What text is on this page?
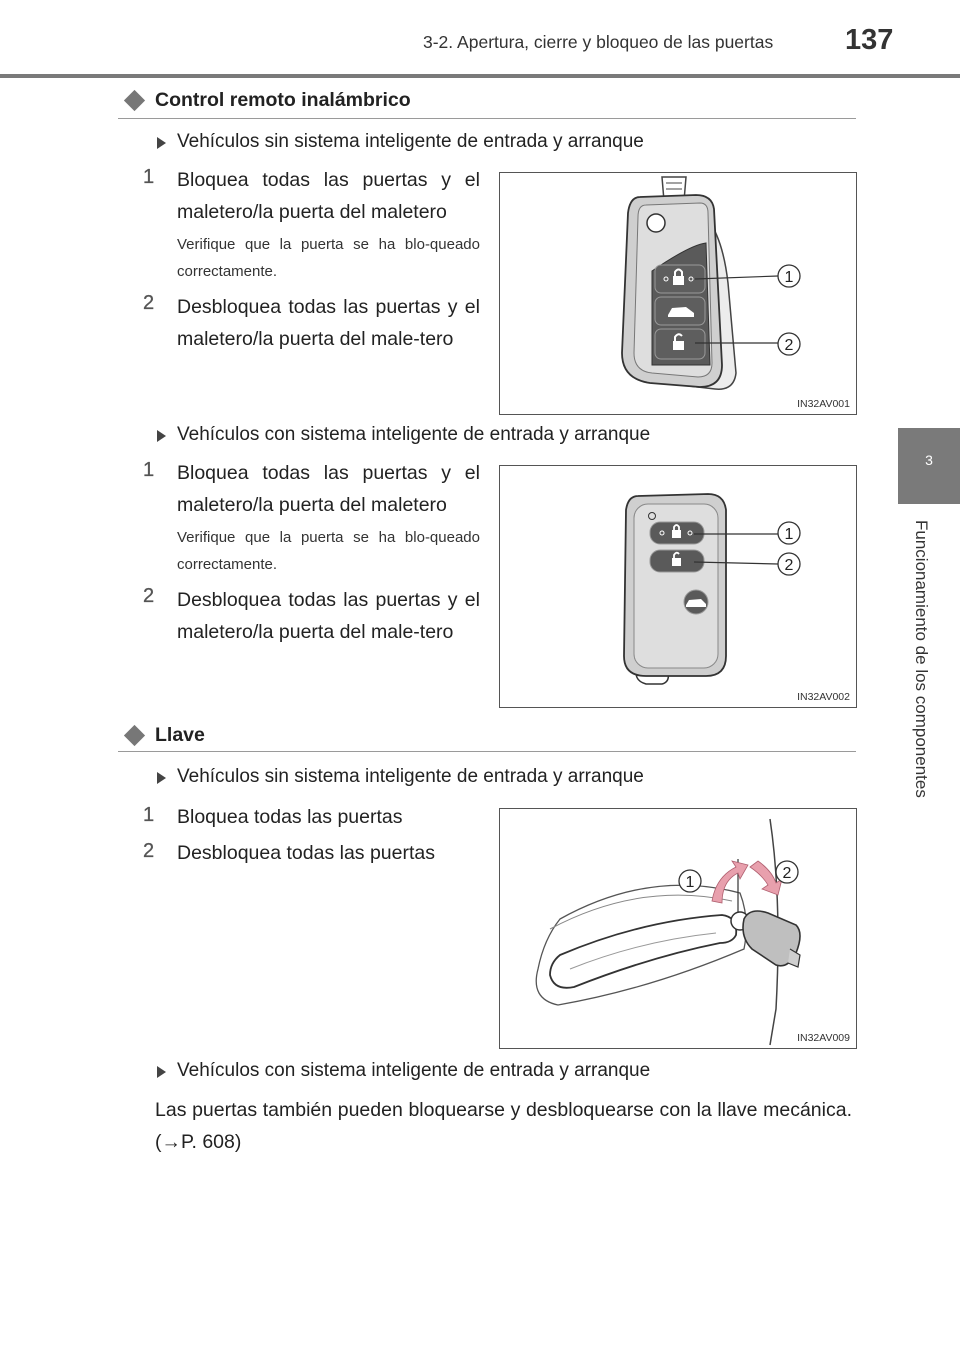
3-2. Apertura, cierre y bloqueo de las puertas 137
3
Funcionamiento de los componentes
Control remoto inalámbrico
Vehículos sin sistema inteligente de entrada y arranque
1 Bloquea todas las puertas y el maletero/la puerta del maletero
Verifique que la puerta se ha blo-queado correctamente.
2 Desbloquea todas las puertas y el maletero/la puerta del male-tero
1
2
IN32AV001
Vehículos con sistema inteligente de entrada y arranque
1 Bloquea todas las puertas y el maletero/la puerta del maletero
Verifique que la puerta se ha blo-queado correctamente.
2 Desbloquea todas las puertas y el maletero/la puerta del male-tero
1
2
IN32AV002
Llave
Vehículos sin sistema inteligente de entrada y arranque
1 Bloquea todas las puertas
2 Desbloquea todas las puertas
1
2
IN32AV009
Vehículos con sistema inteligente de entrada y arranque
Las puertas también pueden bloquearse y desbloquearse con la llave mecánica. (→P. 608)
